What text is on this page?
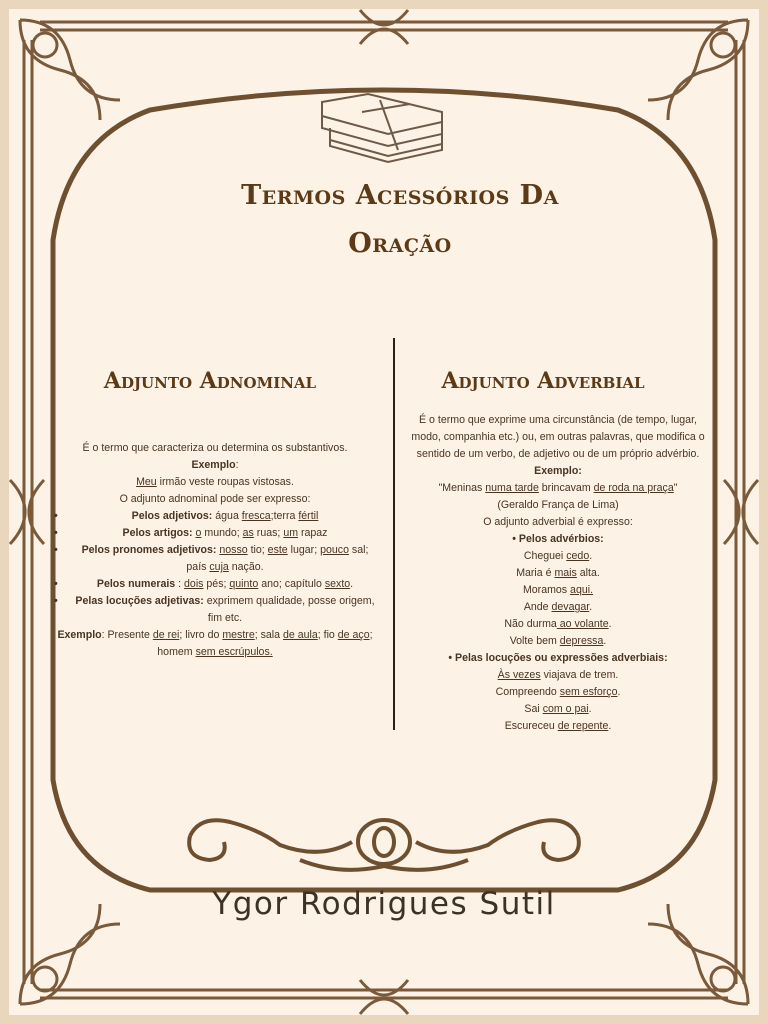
Termos Acessórios Da
Oração
Adjunto Adnominal	Adjunto Adverbial

É o termo que caracteriza ou determina os substantivos.

Exemplo:

Meu irmão veste roupas vistosas.

O adjunto adnominal pode ser expresso:

•	Pelos adjetivos: água fresca;terra fértil
•	Pelos artigos: o mundo; as ruas; um rapaz
•	Pelos pronomes adjetivos: nosso tio; este lugar; pouco sal; país cuja nação.
•	Pelos numerais : dois pés; quinto ano; capítulo sexto.
•	Pelas locuções adjetivas: exprimem qualidade, posse origem, fim etc.

Exemplo: Presente de rei; livro do mestre; sala de aula; fio de aço; homem sem escrúpulos.

É o termo que exprime uma circunstância (de tempo, lugar, modo, companhia etc.) ou, em outras palavras, que modifica o sentido de um verbo, de adjetivo ou de um próprio advérbio.

Exemplo:

"Meninas numa tarde brincavam de roda na praça"

(Geraldo França de Lima)

O adjunto adverbial é expresso:

• Pelos advérbios:

Cheguei cedo.

Maria é mais alta.

Moramos aqui.

Ande devagar.

Não durma ao volante.

Volte bem depressa.

• Pelas locuções ou expressões adverbiais:

Às vezes viajava de trem.

Compreendo sem esforço.

Sai com o pai.

Escureceu de repente.

Ygor Rodrigues Sutil
